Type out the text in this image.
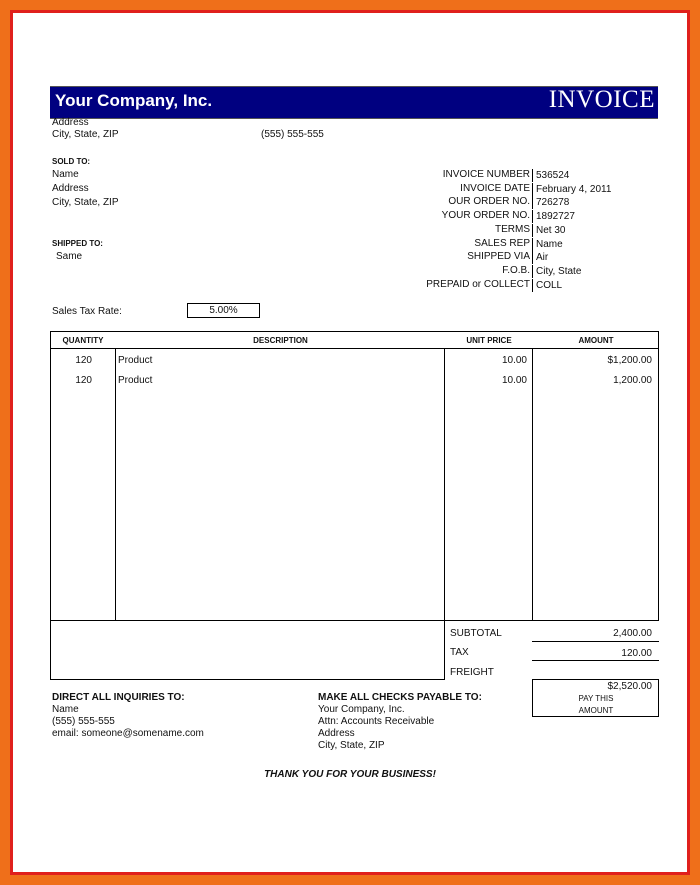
Your Company, Inc.	INVOICE
Address
City, State, ZIP	(555) 555-555
SOLD TO:
Name
Address
City, State, ZIP
SHIPPED TO:
Same
INVOICE NUMBER 536524
INVOICE DATE February 4, 2011
OUR ORDER NO. 726278
YOUR ORDER NO. 1892727
TERMS Net 30
SALES REP Name
SHIPPED VIA Air
F.O.B. City, State
PREPAID or COLLECT COLL
Sales Tax Rate:	5.00%
QUANTITY	DESCRIPTION	UNIT PRICE	AMOUNT
120	Product	10.00	$1,200.00
120	Product	10.00	1,200.00
SUBTOTAL	2,400.00
TAX	120.00
FREIGHT
$2,520.00
PAY THIS
AMOUNT
DIRECT ALL INQUIRIES TO:
Name
(555) 555-555
email: someone@somename.com
MAKE ALL CHECKS PAYABLE TO:
Your Company, Inc.
Attn: Accounts Receivable
Address
City, State, ZIP
THANK YOU FOR YOUR BUSINESS!
